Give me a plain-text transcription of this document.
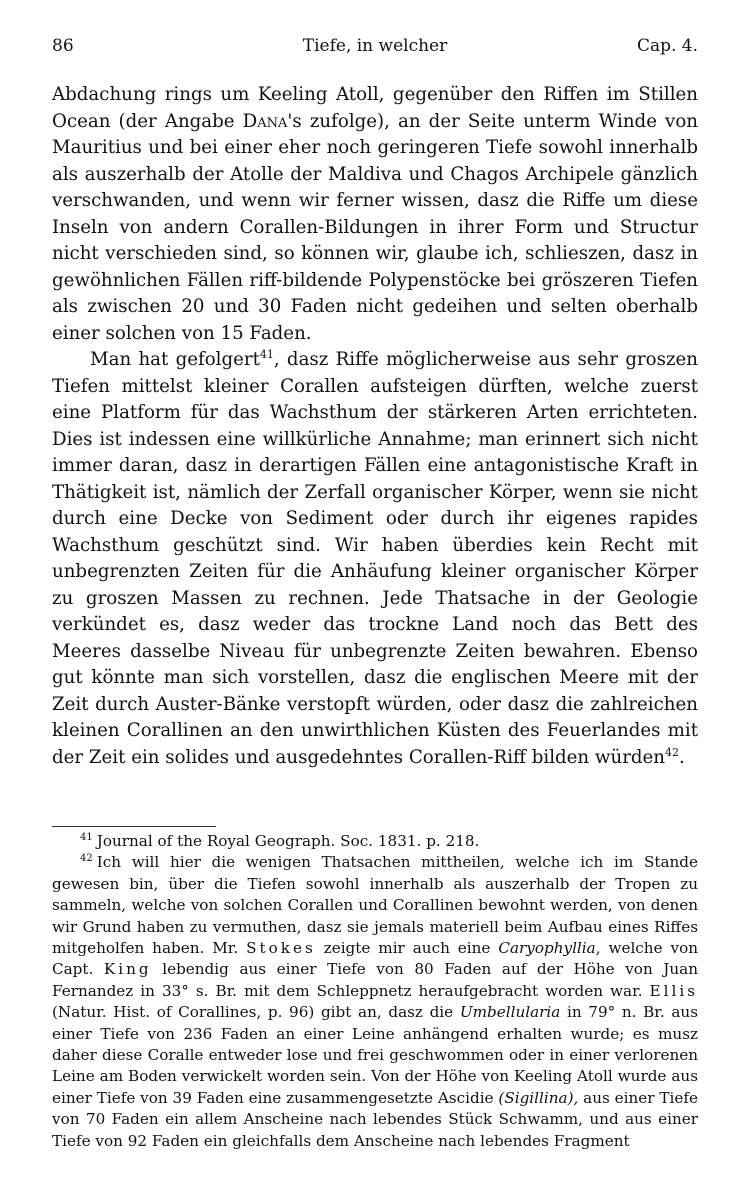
86	Tiefe, in welcher	Cap. 4.

Abdachung rings um Keeling Atoll, gegenüber den Riffen im Stillen Ocean (der Angabe Dana's zufolge), an der Seite unterm Winde von Mauritius und bei einer eher noch geringeren Tiefe sowohl innerhalb als auszerhalb der Atolle der Maldiva und Chagos Archipele gänzlich verschwanden, und wenn wir ferner wissen, dasz die Riffe um diese Inseln von andern Corallen-Bildungen in ihrer Form und Structur nicht verschieden sind, so können wir, glaube ich, schlieszen, dasz in gewöhnlichen Fällen riff-bildende Polypenstöcke bei gröszeren Tiefen als zwischen 20 und 30 Faden nicht gedeihen und selten oberhalb einer solchen von 15 Faden.

Man hat gefolgert$^{41}$, dasz Riffe möglicherweise aus sehr groszen Tiefen mittelst kleiner Corallen aufsteigen dürften, welche zuerst eine Platform für das Wachsthum der stärkeren Arten errichteten. Dies ist indessen eine willkürliche Annahme; man erinnert sich nicht immer daran, dasz in derartigen Fällen eine antagonistische Kraft in Thätigkeit ist, nämlich der Zerfall organischer Körper, wenn sie nicht durch eine Decke von Sediment oder durch ihr eigenes rapides Wachsthum geschützt sind. Wir haben überdies kein Recht mit unbegrenzten Zeiten für die Anhäufung kleiner organischer Körper zu groszen Massen zu rechnen. Jede Thatsache in der Geologie verkündet es, dasz weder das trockne Land noch das Bett des Meeres dasselbe Niveau für unbegrenzte Zeiten bewahren. Ebenso gut könnte man sich vorstellen, dasz die englischen Meere mit der Zeit durch Auster-Bänke verstopft würden, oder dasz die zahlreichen kleinen Corallinen an den unwirthlichen Küsten des Feuerlandes mit der Zeit ein solides und ausgedehntes Corallen-Riff bilden würden$^{42}$.

$^{41}$ Journal of the Royal Geograph. Soc. 1831. p. 218.

$^{42}$ Ich will hier die wenigen Thatsachen mittheilen, welche ich im Stande gewesen bin, über die Tiefen sowohl innerhalb als auszerhalb der Tropen zu sammeln, welche von solchen Corallen und Corallinen bewohnt werden, von denen wir Grund haben zu vermuthen, dasz sie jemals materiell beim Aufbau eines Riffes mitgeholfen haben. Mr. Stokes zeigte mir auch eine Caryophyllia, welche von Capt. King lebendig aus einer Tiefe von 80 Faden auf der Höhe von Juan Fernandez in 33° s. Br. mit dem Schleppnetz heraufgebracht worden war. Ellis (Natur. Hist. of Corallines, p. 96) gibt an, dasz die Umbellularia in 79° n. Br. aus einer Tiefe von 236 Faden an einer Leine anhängend erhalten wurde; es musz daher diese Coralle entweder lose und frei geschwommen oder in einer verlorenen Leine am Boden verwickelt worden sein. Von der Höhe von Keeling Atoll wurde aus einer Tiefe von 39 Faden eine zusammengesetzte Ascidie (Sigillina), aus einer Tiefe von 70 Faden ein allem Anscheine nach lebendes Stück Schwamm, und aus einer Tiefe von 92 Faden ein gleichfalls dem Anscheine nach lebendes Fragment
